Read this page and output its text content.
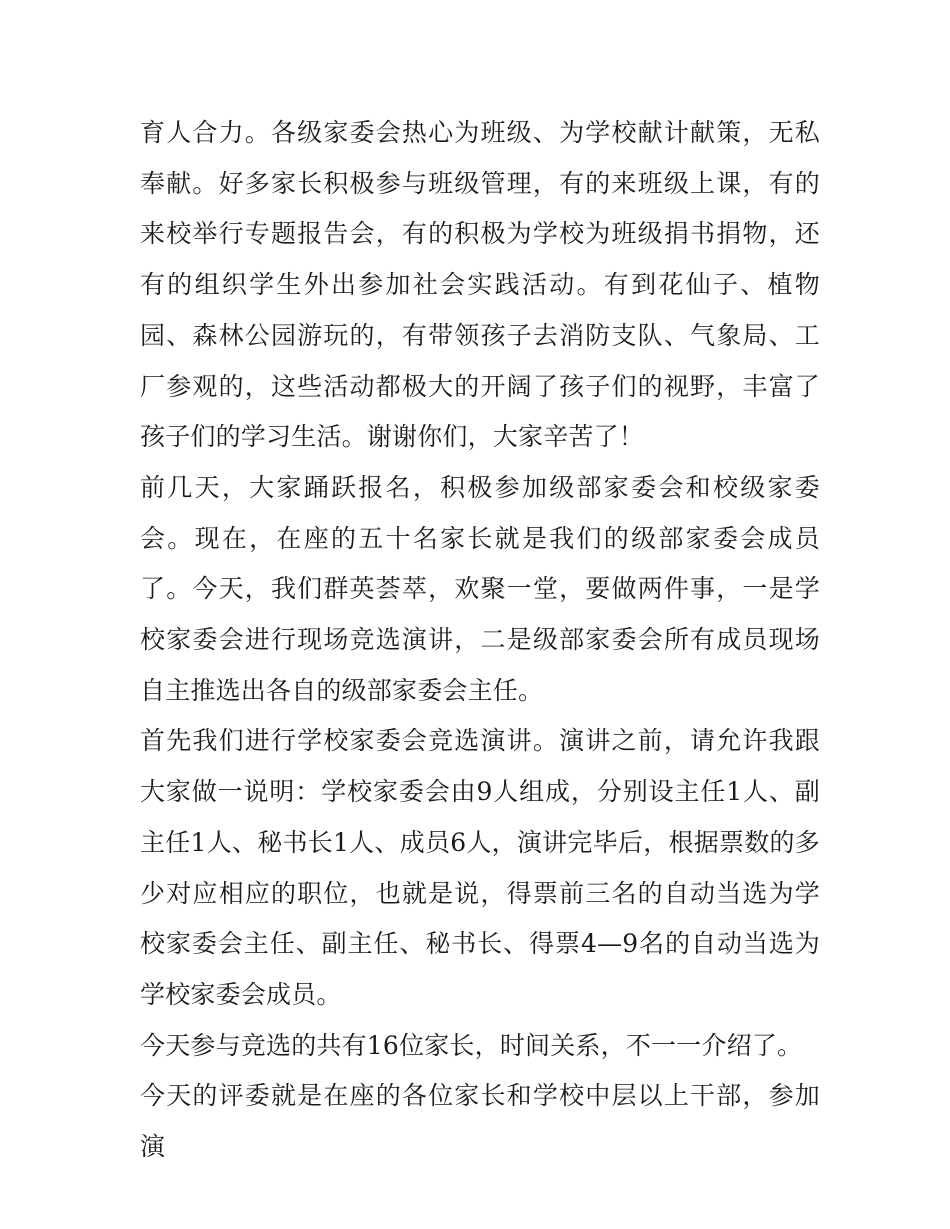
育人合力。各级家委会热心为班级、为学校献计献策，无私奉献。好多家长积极参与班级管理，有的来班级上课，有的来校举行专题报告会，有的积极为学校为班级捐书捐物，还有的组织学生外出参加社会实践活动。有到花仙子、植物园、森林公园游玩的，有带领孩子去消防支队、气象局、工厂参观的，这些活动都极大的开阔了孩子们的视野，丰富了孩子们的学习生活。谢谢你们，大家辛苦了！

前几天，大家踊跃报名，积极参加级部家委会和校级家委会。现在，在座的五十名家长就是我们的级部家委会成员了。今天，我们群英荟萃，欢聚一堂，要做两件事，一是学校家委会进行现场竞选演讲，二是级部家委会所有成员现场自主推选出各自的级部家委会主任。

首先我们进行学校家委会竞选演讲。演讲之前，请允许我跟大家做一说明：学校家委会由9人组成，分别设主任1人、副主任1人、秘书长1人、成员6人，演讲完毕后，根据票数的多少对应相应的职位，也就是说，得票前三名的自动当选为学校家委会主任、副主任、秘书长、得票4—9名的自动当选为学校家委会成员。

今天参与竞选的共有16位家长，时间关系，不一一介绍了。

今天的评委就是在座的各位家长和学校中层以上干部，参加演
